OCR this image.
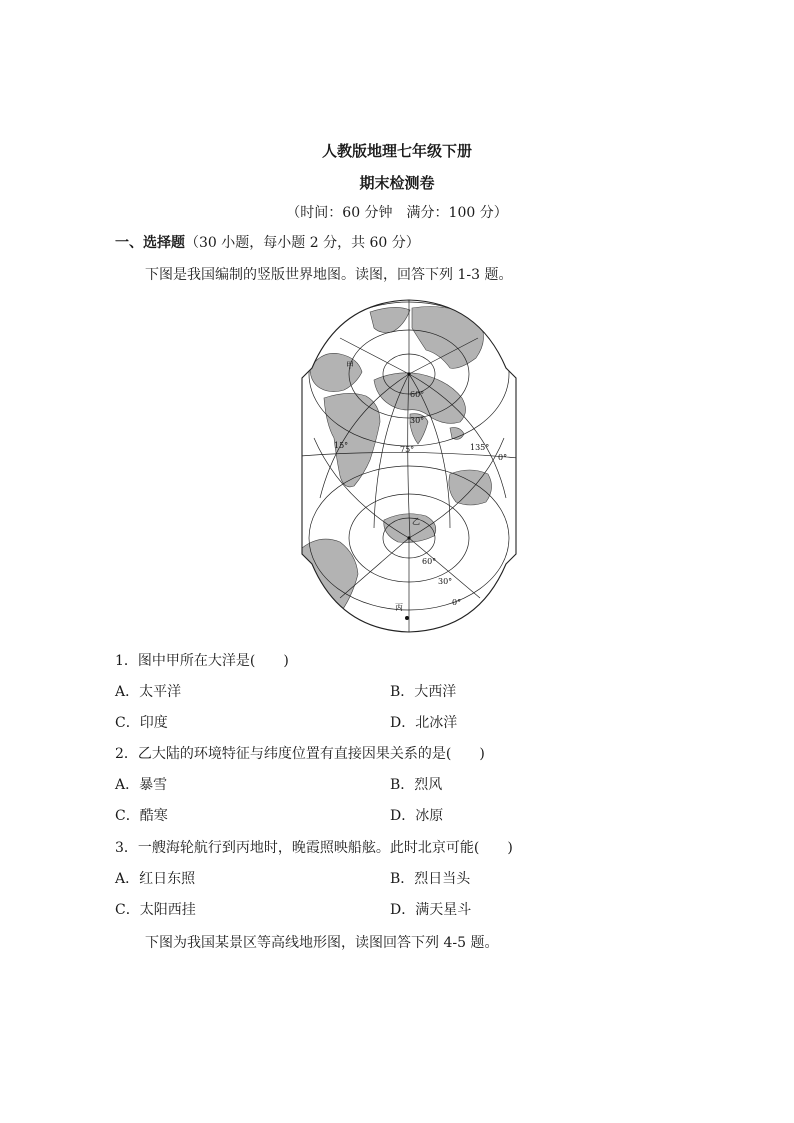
人教版地理七年级下册
期末检测卷
（时间：60 分钟　满分：100 分）
一、选择题（30 小题，每小题 2 分，共 60 分）
下图是我国编制的竖版世界地图。读图，回答下列 1-3 题。
甲
乙
丙
60°
30°
15°	75°	135°
0°
60°
30°
0°
1．图中甲所在大洋是(　　)
A．太平洋	B．大西洋
C．印度	D．北冰洋
2．乙大陆的环境特征与纬度位置有直接因果关系的是(　　)
A．暴雪	B．烈风
C．酷寒	D．冰原
3．一艘海轮航行到丙地时，晚霞照映船舷。此时北京可能(　　)
A．红日东照	B．烈日当头
C．太阳西挂	D．满天星斗
下图为我国某景区等高线地形图，读图回答下列 4-5 题。
